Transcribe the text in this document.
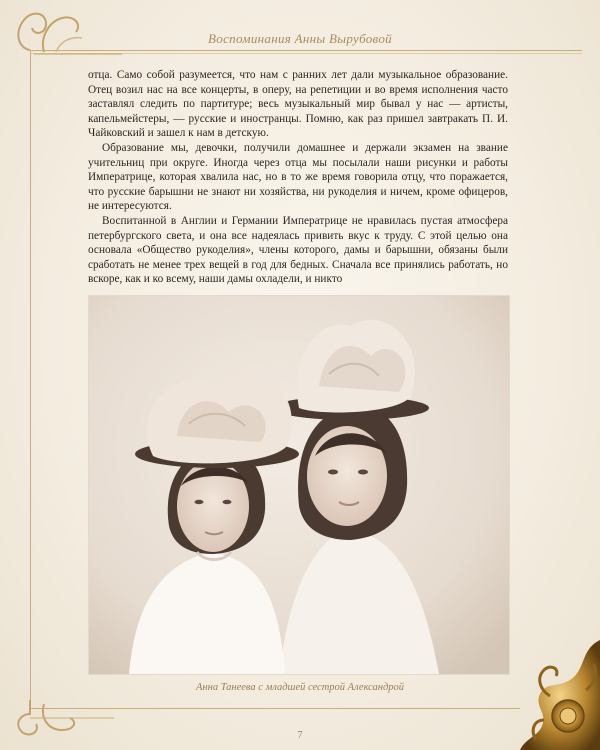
Воспоминания Анны Вырубовой

отца. Само собой разумеется, что нам с ранних лет дали музыкальное образование. Отец возил нас на все концерты, в оперу, на репетиции и во время исполнения часто заставлял следить по партитуре; весь музыкальный мир бывал у нас — артисты, капельмейстеры, — русские и иностранцы. Помню, как раз пришел завтракать П. И. Чайковский и зашел к нам в детскую.

Образование мы, девочки, получили домашнее и держали экзамен на звание учительниц при округе. Иногда через отца мы посылали наши рисунки и работы Императрице, которая хвалила нас, но в то же время говорила отцу, что поражается, что русские барышни не знают ни хозяйства, ни рукоделия и ничем, кроме офицеров, не интересуются.

Воспитанной в Англии и Германии Императрице не нравилась пустая атмосфера петербургского света, и она все надеялась привить вкус к труду. С этой целью она основала «Общество рукоделия», члены которого, дамы и барышни, обязаны были сработать не менее трех вещей в год для бедных. Сначала все принялись работать, но вскоре, как и ко всему, наши дамы охладели, и никто

Анна Танеева с младшей сестрой Александрой
7
